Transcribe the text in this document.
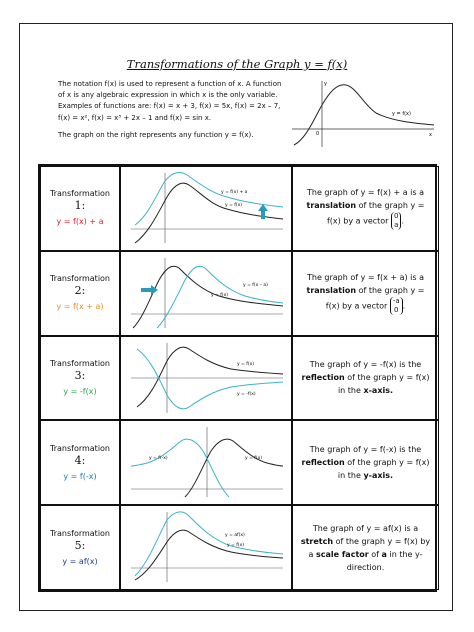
Transformations of the Graph y = f(x)

The notation f(x) is used to represent a function of x. A function of x is any algebraic expression in which x is the only variable. Examples of functions are: f(x) = x + 3, f(x) = 5x, f(x) = 2x – 7, f(x) = x², f(x) = x³ + 2x – 1 and f(x) = sin x.

The graph on the right represents any function y = f(x).

y = f(x)
y
x
0
Transformation
1:
y = f(x) + a
y = f(x) + a
y = f(x)
The graph of y = f(x) + a is a translation of the graph y = f(x) by a vector
0
a .
Transformation
2:
y = f(x + a)
y = f(x – a)
y = f(x)
The graph of y = f(x + a) is a translation of the graph y = f(x) by a vector
-a
0 .
Transformation
3:
y = -f(x)
y = f(x)
y = -f(x)
The graph of y = -f(x) is the reflection of the graph y = f(x) in the x-axis.
Transformation
4:
y = f(-x)
y = f(-x)	y = f(x)
The graph of y = f(-x) is the reflection of the graph y = f(x) in the y-axis.
Transformation
5:
y = af(x)
y = af(x)
y = f(x)
The graph of y = af(x) is a stretch of the graph y = f(x) by a scale factor of a in the y-direction.
